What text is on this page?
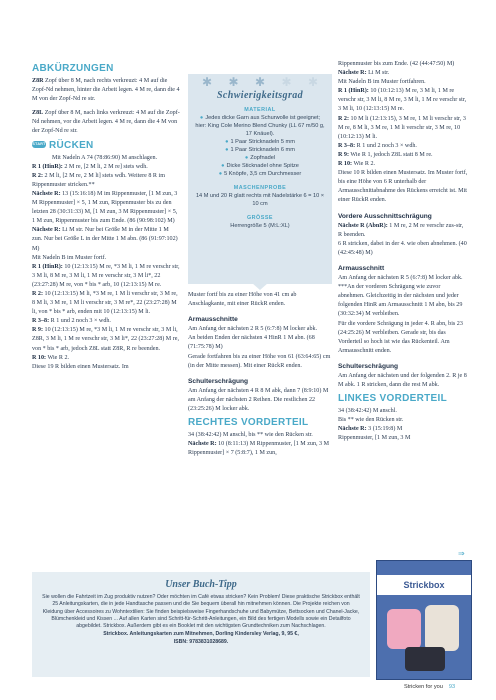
ABKÜRZUNGEN

Z8R Zopf über 8 M, nach rechts verkreuzt: 4 M auf die Zopf-Nd nehmen, hinter die Arbeit legen. 4 M re, dann die 4 M von der Zopf-Nd re str.

Z8L Zopf über 8 M, nach links verkreuzt: 4 M auf die Zopf-Nd nehmen, vor die Arbeit legen. 4 M re, dann die 4 M von der Zopf-Nd re str.

START RÜCKEN

Mit Nadeln A 74 (78:86:90) M anschlagen.

R 1 (HinR): 2 M re, [2 M li, 2 M re] stets wdh.

R 2: 2 M li, [2 M re, 2 M li] stets wdh. Weitere 8 R im Rippenmuster stricken.**

Nächste R: 13 (15:16:18) M im Rippenmuster, [1 M zun, 3 M Rippenmuster] × 5, 1 M zun, Rippenmuster bis zu den letzten 28 (30:31:33) M, [1 M zun, 3 M Rippenmuster] × 5, 1 M zun, Rippenmuster bis zum Ende. (86 (90:98:102) M)

Nächste R: Li M str. Nur bei Größe M in der Mitte 1 M zun. Nur bei Größe L in der Mitte 1 M abn. (86 (91:97:102) M)

Mit Nadeln B im Muster fortf.

R 1 (HinR): 10 (12:13:15) M re, *3 M li, 1 M re verschr str, 3 M li, 8 M re, 3 M li, 1 M re verschr str, 3 M li*, 22 (23:27:28) M re, von * bis * arb, 10 (12:13:15) M re.

R 2: 10 (12:13:15) M li, *3 M re, 1 M li verschr str, 3 M re, 8 M li, 3 M re, 1 M li verschr str, 3 M re*, 22 (23:27:28) M li, von * bis * arb, enden mit 10 (12:13:15) M li.

R 3–8: R 1 und 2 noch 3 × wdh.

R 9: 10 (12:13:15) M re, *3 M li, 1 M re verschr str, 3 M li, Z8R, 3 M li, 1 M re verschr str, 3 M li*, 22 (23:27:28) M re, von * bis * arb, jedoch Z8L statt Z8R, R re beenden.

R 10: Wie R 2.

Diese 19 R bilden einen Mustersatz. Im

✱ ✱ ✱ ✱ ✱
Schwierigkeitsgrad
MATERIAL
● Jedes dicke Garn aus Schurwolle ist geeignet; hier: King Cole Merino Blend Chunky (LL 67 m/50 g, 17 Knäuel).
● 1 Paar Stricknadeln 5 mm
● 1 Paar Stricknadeln 6 mm
● Zopfnadel
● Dicke Sticknadel ohne Spitze
● 5 Knöpfe, 3,5 cm Durchmesser
MASCHENPROBE
14 M und 20 R glatt rechts mit Nadelstärke 6 = 10 × 10 cm
GRÖSSE
Herrengröße 5 (M:L:XL)

Muster fortf bis zu einer Höhe von 41 cm ab Anschlagkante, mit einer RückR enden.

Armausschnitte

Am Anfang der nächsten 2 R 5 (6:7:8) M locker abk.

An beiden Enden der nächsten 4 HinR 1 M abn. (68 (71:75:78) M)

Gerade fortfahren bis zu einer Höhe von 61 (63:64:65) cm (in der Mitte messen). Mit einer RückR enden.

Schulterschrägung

Am Anfang der nächsten 4 R 8 M abk, dann 7 (8:9:10) M am Anfang der nächsten 2 Reihen. Die restlichen 22 (23:25:26) M locker abk.

RECHTES VORDERTEIL

34 (38:42:42) M anschl, bis ** wie den Rücken str.

Nächste R: 10 (8:11:13) M Rippenmuster, [1 M zun, 3 M Rippenmuster] × 7 (5:8:7), 1 M zun,

Rippenmuster bis zum Ende. (42 (44:47:50) M)

Nächste R: Li M str.

Mit Nadeln B im Muster fortfahren.

R 1 (HinR): 10 (10:12:13) M re, 3 M li, 1 M re verschr str, 3 M li, 8 M re, 3 M li, 1 M re verschr str, 3 M li, 10 (12:13:15) M re.

R 2: 10 M li (12:13:15), 3 M re, 1 M li verschr str, 3 M re, 8 M li, 3 M re, 1 M li verschr str, 3 M re, 10 (10:12:13) M li.

R 3–8: R 1 und 2 noch 3 × wdh.

R 9: Wie R 1, jedoch Z8L statt 8 M re.

R 10: Wie R 2.

Diese 10 R bilden einen Mustersatz. Im Muster fortf, bis eine Höhe von 6 R unterhalb der Armausschnittabnahme des Rückens erreicht ist. Mit einer RückR enden.

Vordere Ausschnittschrägung

Nächste R (AbnR): 1 M re, 2 M re verschr zus-str, R beenden.

6 R stricken, dabei in der 4. wie oben abnehmen. (40 (42:45:48) M)

Armausschnitt

Am Anfang der nächsten R 5 (6:7:8) M locker abk.

***An der vorderen Schrägung wie zuvor abnehmen. Gleichzeitig in der nächsten und jeder folgenden HinR am Armausschnitt 1 M abn, bis 29 (30:32:34) M verbleiben.

Für die vordere Schrägung in jeder 4. R abn, bis 23 (24:25:26) M verbleiben. Gerade str, bis das Vorderteil so hoch ist wie das Rückenteil. Am Armausschnitt enden.

Schulterschrägung

Am Anfang der nächsten und der folgenden 2. R je 8 M abk. 1 R stricken, dann die rest M abk.

LINKES VORDERTEIL

34 (38:42:42) M anschl.

Bis ** wie den Rücken str.

Nächste R: 3 (15:19:8) M

Rippenmuster, [1 M zun, 3 M

⇒
Unser Buch-Tipp
Sie wollen die Fahrtzeit im Zug produktiv nutzen? Oder möchten im Café etwas stricken? Kein Problem! Diese praktische Strickbox enthält 25 Anleitungskarten, die in jede Handtasche passen und die Sie bequem überall hin mitnehmen können. Die Projekte reichen von Kleidung über Accessoires zu Wohntextilien: Sie finden beispielsweise Fingerhandschuhe und Babymütze, Bettsocken und Chanel-Jacke, Blümchenkleid und Kissen ... Auf allen Karten sind Schritt-für-Schritt-Anleitungen, ein Bild des fertigen Modells sowie ein Detailfoto abgebildet. Strickbox. Außerdem gibt es ein Booklet mit den wichtigsten Grundtechniken zum Nachschlagen.
Strickbox. Anleitungskarten zum Mitnehmen, Dorling Kindersley Verlag, 9, 95 €,
ISBN: 9783831028689.
Strickbox
Stricken for you 93
